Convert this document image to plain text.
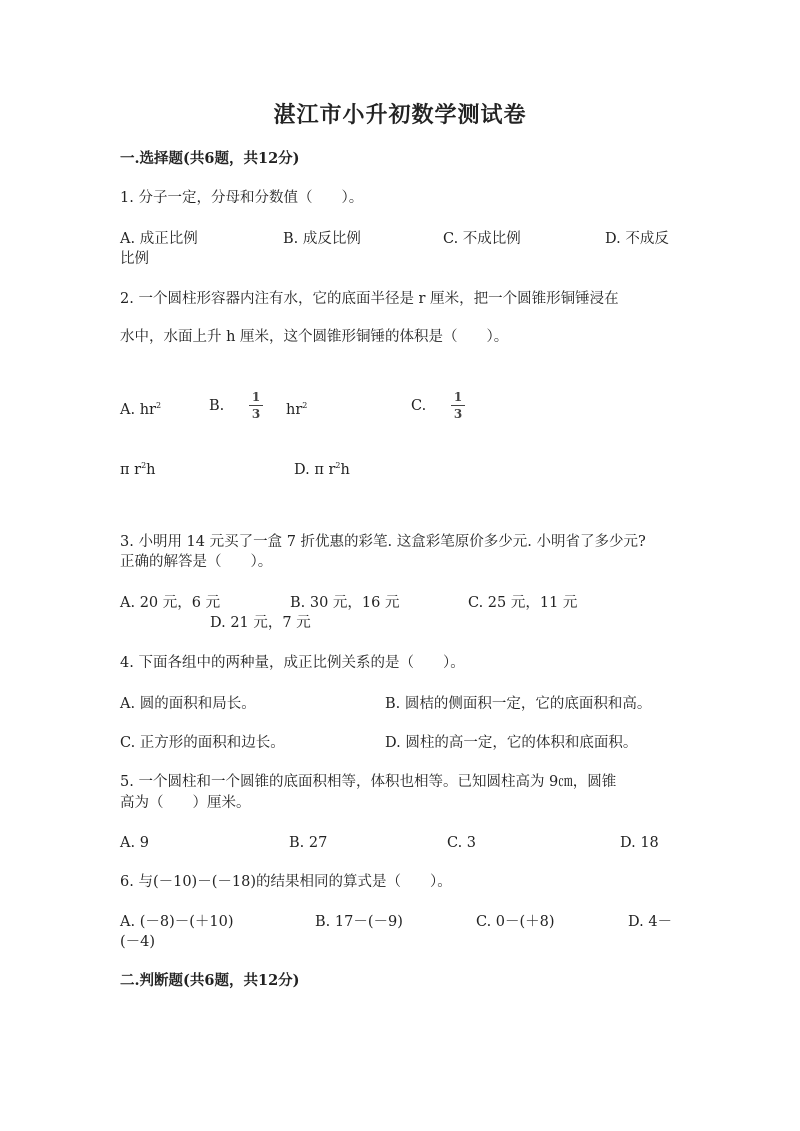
湛江市小升初数学测试卷
一.选择题(共6题，共12分)
1. 分子一定，分母和分数值（　　）。
A. 成正比例	B. 成反比例	C. 不成比例	D. 不成反
比例
2. 一个圆柱形容器内注有水，它的底面半径是 r 厘米，把一个圆锥形铜锤浸在
水中，水面上升 h 厘米，这个圆锥形铜锤的体积是（　　）。
A. $hr^2$	B.
1
3 $hr^2$	C.
1
3
π $r^2h$	D. π $r^2h$
3. 小明用 14 元买了一盒 7 折优惠的彩笔. 这盒彩笔原价多少元. 小明省了多少元?
正确的解答是（　　）。
A. 20 元，6 元	B. 30 元，16 元	C. 25 元，11 元
D. 21 元，7 元
4. 下面各组中的两种量，成正比例关系的是（　　）。
A. 圆的面积和局长。	B. 圆桔的侧面积一定，它的底面积和高。
C. 正方形的面积和边长。	D. 圆柱的高一定，它的体积和底面积。
5. 一个圆柱和一个圆锥的底面积相等，体积也相等。已知圆柱高为 9㎝，圆锥
高为（　　）厘米。
A. 9	B. 27	C. 3	D. 18
6. 与(－10)－(－18)的结果相同的算式是（　　）。
A. (－8)－(＋10)	B. 17－(－9)	C. 0－(＋8)	D. 4－
(－4)
二.判断题(共6题，共12分)
